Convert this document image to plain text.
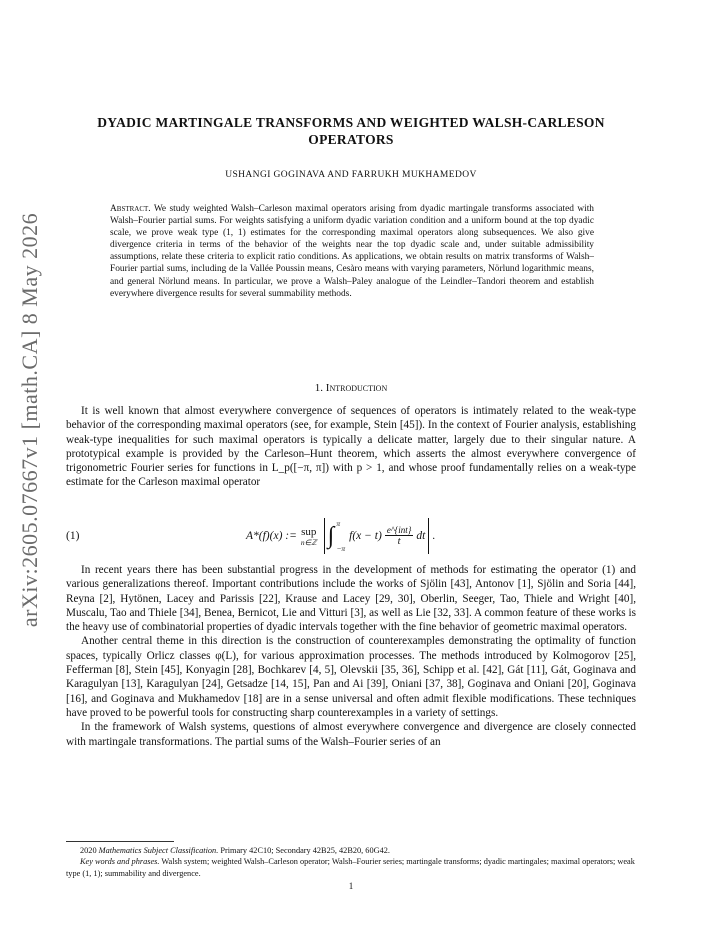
arXiv:2605.07667v1 [math.CA] 8 May 2026
DYADIC MARTINGALE TRANSFORMS AND WEIGHTED WALSH-CARLESON
OPERATORS
USHANGI GOGINAVA AND FARRUKH MUKHAMEDOV
Abstract. We study weighted Walsh–Carleson maximal operators arising from dyadic martingale transforms associated with Walsh–Fourier partial sums. For weights satisfying a uniform dyadic variation condition and a uniform bound at the top dyadic scale, we prove weak type (1, 1) estimates for the corresponding maximal operators along subsequences. We also give divergence criteria in terms of the behavior of the weights near the top dyadic scale and, under suitable admissibility assumptions, relate these criteria to explicit ratio conditions. As applications, we obtain results on matrix transforms of Walsh–Fourier partial sums, including de la Vallée Poussin means, Cesàro means with varying parameters, Nörlund logarithmic means, and general Nörlund means. In particular, we prove a Walsh–Paley analogue of the Leindler–Tandori theorem and establish everywhere divergence results for several summability methods.
1. Introduction

It is well known that almost everywhere convergence of sequences of operators is intimately related to the weak-type behavior of the corresponding maximal operators (see, for example, Stein [45]). In the context of Fourier analysis, establishing weak-type inequalities for such maximal operators is typically a delicate matter, largely due to their singular nature. A prototypical example is provided by the Carleson–Hunt theorem, which asserts the almost everywhere convergence of trigonometric Fourier series for functions in L_p([−π, π]) with p > 1, and whose proof fundamentally relies on a weak-type estimate for the Carleson maximal operator

(1)	A*(f)(x) := sup
n∈ℤ ∫ π
−π
$f(x - t) \frac{\text{e\textasciicircum{}\{int\}}}{t}$ dt .

In recent years there has been substantial progress in the development of methods for estimating the operator (1) and various generalizations thereof. Important contributions include the works of Sjölin [43], Antonov [1], Sjölin and Soria [44], Reyna [2], Hytönen, Lacey and Parissis [22], Krause and Lacey [29, 30], Oberlin, Seeger, Tao, Thiele and Wright [40], Muscalu, Tao and Thiele [34], Benea, Bernicot, Lie and Vitturi [3], as well as Lie [32, 33]. A common feature of these works is the heavy use of combinatorial properties of dyadic intervals together with the fine behavior of geometric maximal operators.

Another central theme in this direction is the construction of counterexamples demonstrating the optimality of function spaces, typically Orlicz classes φ(L), for various approximation processes. The methods introduced by Kolmogorov [25], Fefferman [8], Stein [45], Konyagin [28], Bochkarev [4, 5], Olevskii [35, 36], Schipp et al. [42], Gát [11], Gát, Goginava and Karagulyan [13], Karagulyan [24], Getsadze [14, 15], Pan and Ai [39], Oniani [37, 38], Goginava and Oniani [20], Goginava [16], and Goginava and Mukhamedov [18] are in a sense universal and often admit flexible modifications. These techniques have proved to be powerful tools for constructing sharp counterexamples in a variety of settings.

In the framework of Walsh systems, questions of almost everywhere convergence and divergence are closely connected with martingale transformations. The partial sums of the Walsh–Fourier series of an

2020 Mathematics Subject Classification. Primary 42C10; Secondary 42B25, 42B20, 60G42.

Key words and phrases. Walsh system; weighted Walsh–Carleson operator; Walsh–Fourier series; martingale transforms; dyadic martingales; maximal operators; weak type (1, 1); summability and divergence.

1
